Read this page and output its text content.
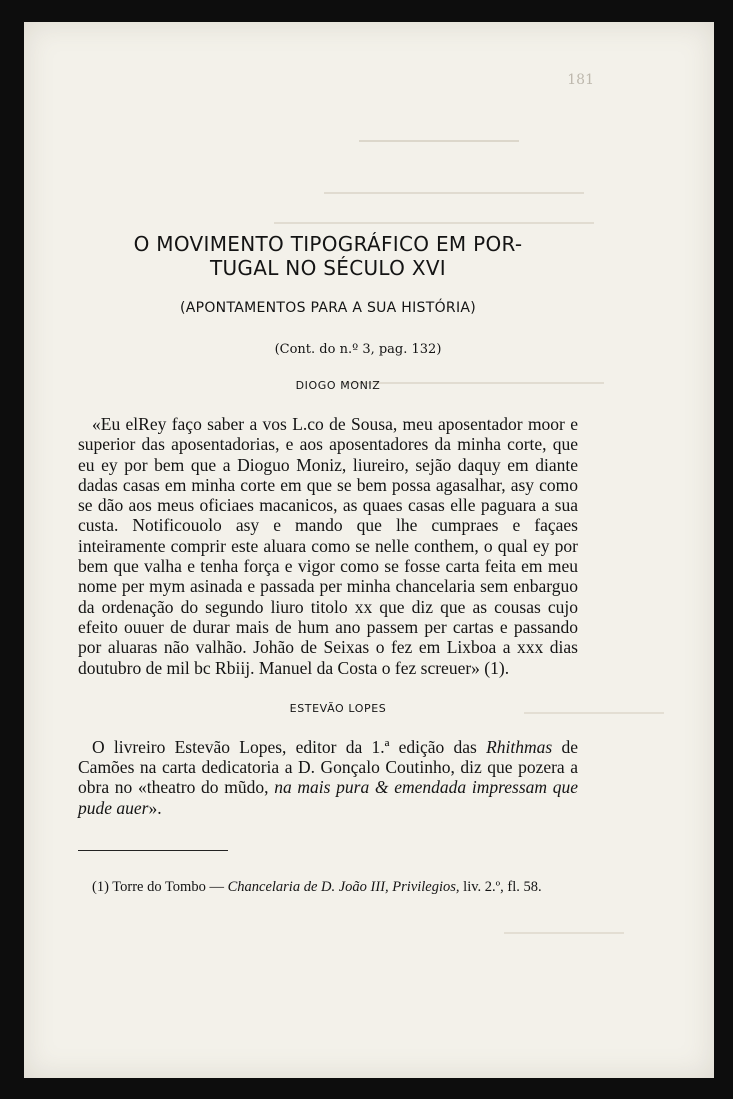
181
O MOVIMENTO TIPOGRÁFICO EM POR-
TUGAL NO SÉCULO XVI
(APONTAMENTOS PARA A SUA HISTÓRIA)
(Cont. do n.º 3, pag. 132)
DIOGO MONIZ

«Eu elRey faço saber a vos L.co de Sousa, meu aposentador moor e superior das aposentadorias, e aos aposentadores da minha corte, que eu ey por bem que a Dioguo Moniz, liureiro, sejão daquy em diante dadas casas em minha corte em que se bem possa agasalhar, asy como se dão aos meus oficiaes macanicos, as quaes casas elle paguara a sua custa. Notificouolo asy e mando que lhe cumpraes e façaes inteiramente comprir este aluara como se nelle conthem, o qual ey por bem que valha e tenha força e vigor como se fosse carta feita em meu nome per mym asinada e passada per minha chancelaria sem enbarguo da ordenação do segundo liuro titolo xx que diz que as cousas cujo efeito ouuer de durar mais de hum ano passem per cartas e passando por aluaras não valhão. Johão de Seixas o fez em Lixboa a xxx dias doutubro de mil bc Rbiij. Manuel da Costa o fez screuer» (1).

ESTEVÃO LOPES

O livreiro Estevão Lopes, editor da 1.ª edição das Rhithmas de Camões na carta dedicatoria a D. Gonçalo Coutinho, diz que pozera a obra no «theatro do mũdo, na mais pura & emendada impressam que pude auer».

(1) Torre do Tombo — Chancelaria de D. João III, Privilegios, liv. 2.º, fl. 58.
